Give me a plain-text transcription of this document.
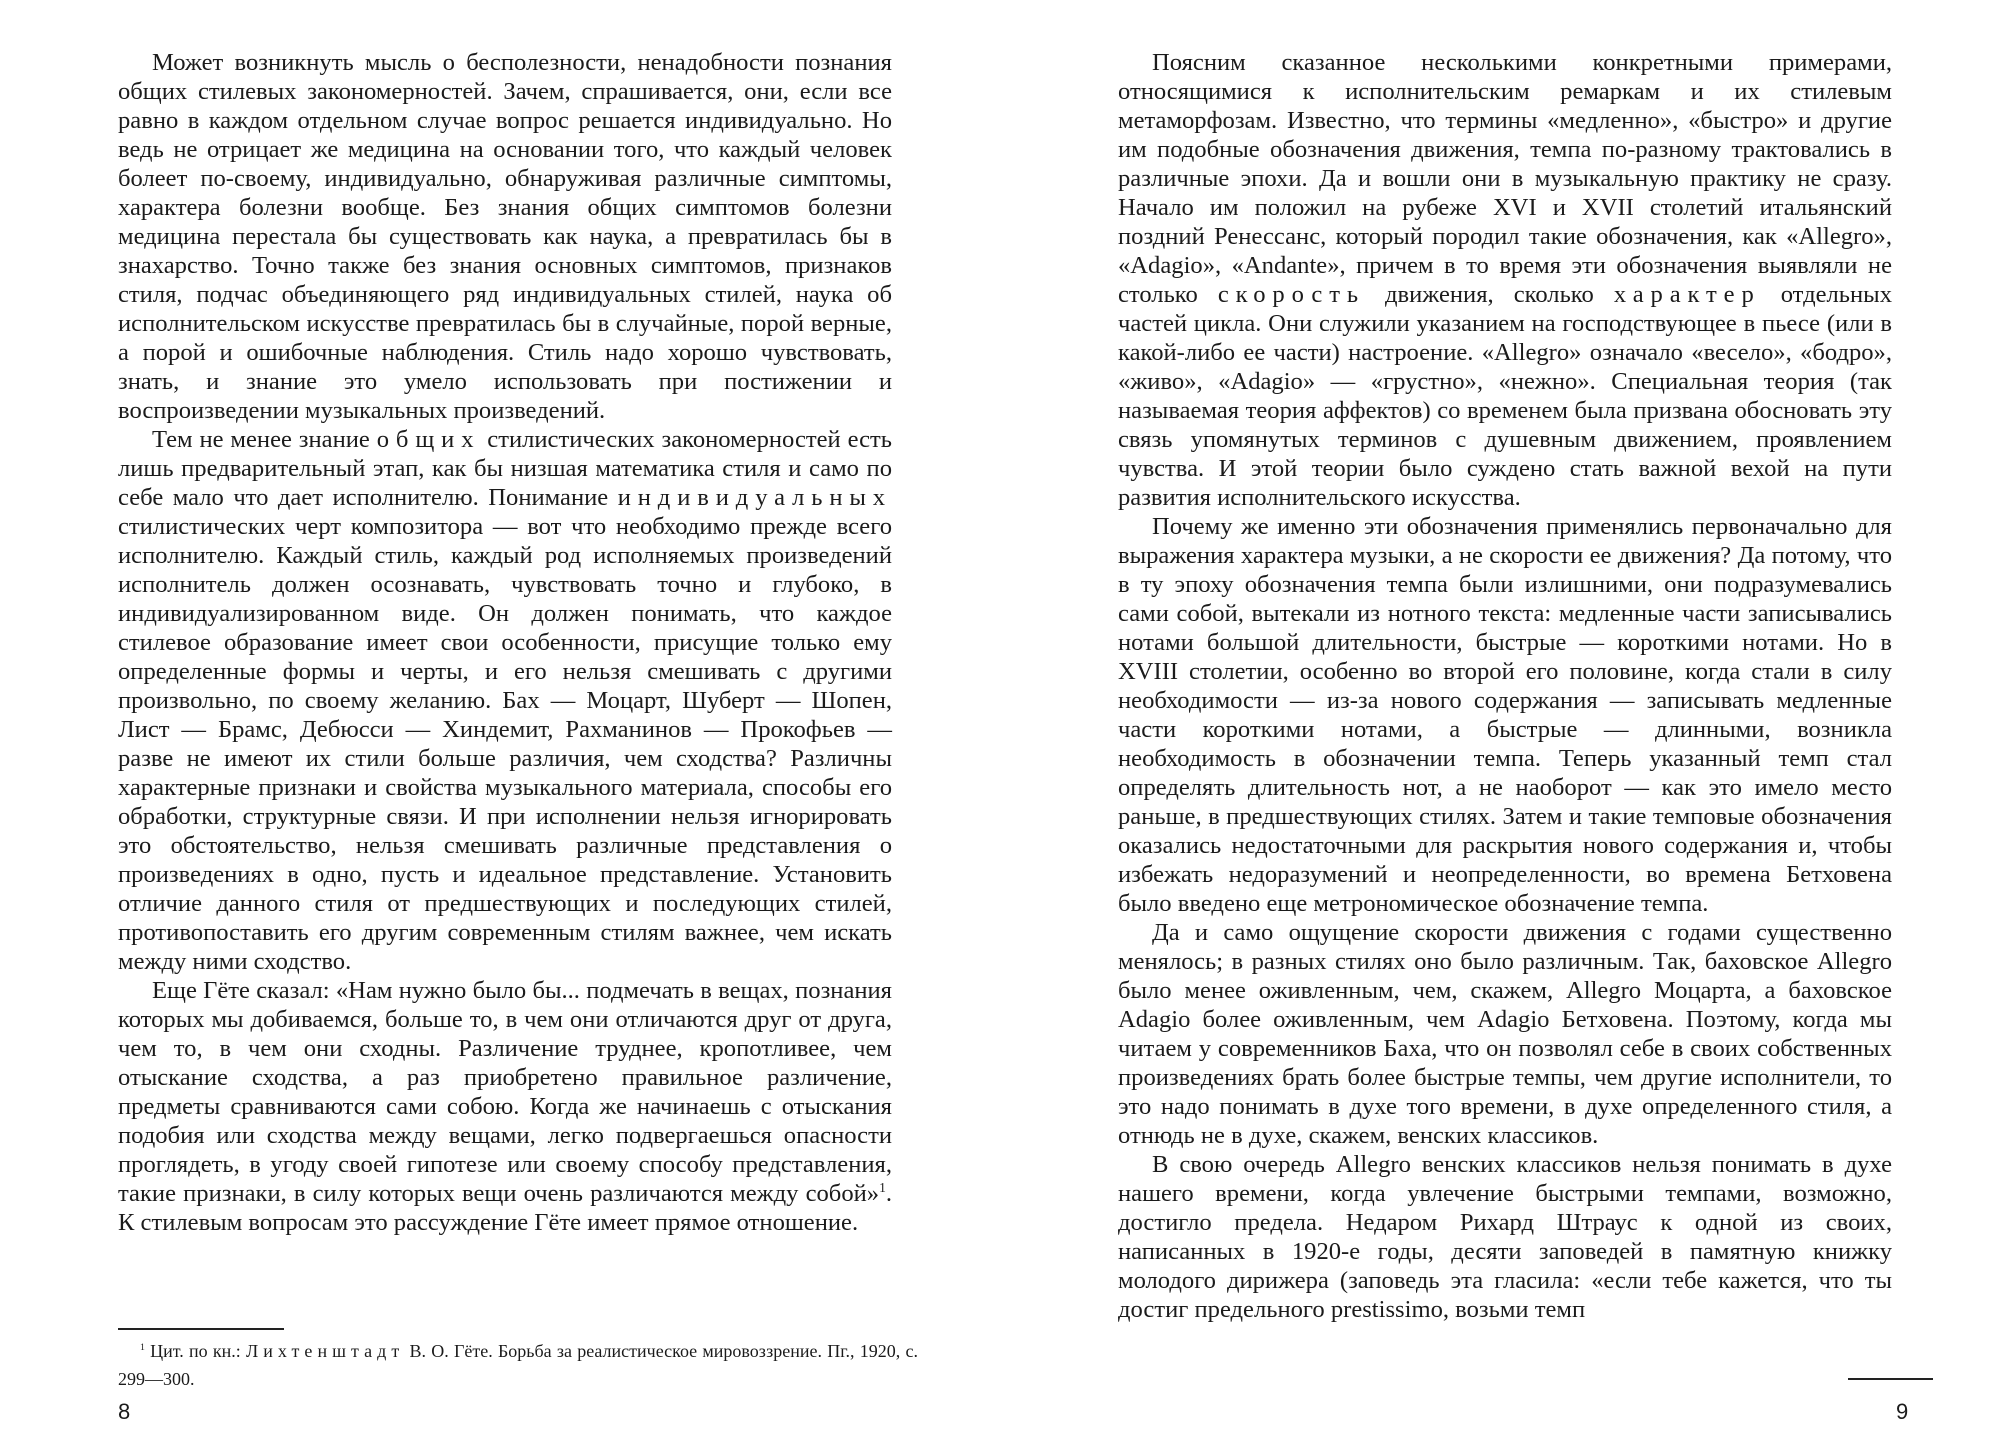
Может возникнуть мысль о бесполезности, ненадобности познания общих стилевых закономерностей. Зачем, спрашивается, они, если все равно в каждом отдельном случае вопрос решается индивидуально. Но ведь не отрицает же медицина на основании того, что каждый человек болеет по-своему, индивидуально, обнаруживая различные симптомы, характера болезни вообще. Без знания общих симптомов болезни медицина перестала бы существовать как наука, а превратилась бы в знахарство. Точно также без знания основных симптомов, признаков стиля, подчас объединяющего ряд индивидуальных стилей, наука об исполнительском искусстве превратилась бы в случайные, порой верные, а порой и ошибочные наблюдения. Стиль надо хорошо чувствовать, знать, и знание это умело использовать при постижении и воспроизведении музыкальных произведений.

Тем не менее знание общих стилистических закономерностей есть лишь предварительный этап, как бы низшая математика стиля и само по себе мало что дает исполнителю. Понимание индивидуальных стилистических черт композитора — вот что необходимо прежде всего исполнителю. Каждый стиль, каждый род исполняемых произведений исполнитель должен осознавать, чувствовать точно и глубоко, в индивидуализированном виде. Он должен понимать, что каждое стилевое образование имеет свои особенности, присущие только ему определенные формы и черты, и его нельзя смешивать с другими произвольно, по своему желанию. Бах — Моцарт, Шуберт — Шопен, Лист — Брамс, Дебюсси — Хиндемит, Рахманинов — Прокофьев — разве не имеют их стили больше различия, чем сходства? Различны характерные признаки и свойства музыкального материала, способы его обработки, структурные связи. И при исполнении нельзя игнорировать это обстоятельство, нельзя смешивать различные представления о произведениях в одно, пусть и идеальное представление. Установить отличие данного стиля от предшествующих и последующих стилей, противопоставить его другим современным стилям важнее, чем искать между ними сходство.

Еще Гёте сказал: «Нам нужно было бы... подмечать в вещах, познания которых мы добиваемся, больше то, в чем они отличаются друг от друга, чем то, в чем они сходны. Различение труднее, кропотливее, чем отыскание сходства, а раз приобретено правильное различение, предметы сравниваются сами собою. Когда же начинаешь с отыскания подобия или сходства между вещами, легко подвергаешься опасности проглядеть, в угоду своей гипотезе или своему способу представления, такие признаки, в силу которых вещи очень различаются между собой»$^1$. К стилевым вопросам это рассуждение Гёте имеет прямое отношение.

$^1$ Цит. по кн.: Лихтенштадт В. О. Гёте. Борьба за реалистическое мировоззрение. Пг., 1920, с. 299—300.
8

Поясним сказанное несколькими конкретными примерами, относящимися к исполнительским ремаркам и их стилевым метаморфозам. Известно, что термины «медленно», «быстро» и другие им подобные обозначения движения, темпа по-разному трактовались в различные эпохи. Да и вошли они в музыкальную практику не сразу. Начало им положил на рубеже XVI и XVII столетий итальянский поздний Ренессанс, который породил такие обозначения, как «Allegro», «Adagio», «Andante», причем в то время эти обозначения выявляли не столько скорость движения, сколько характер отдельных частей цикла. Они служили указанием на господствующее в пьесе (или в какой-либо ее части) настроение. «Allegro» означало «весело», «бодро», «живо», «Adagio» — «грустно», «нежно». Специальная теория (так называемая теория аффектов) со временем была призвана обосновать эту связь упомянутых терминов с душевным движением, проявлением чувства. И этой теории было суждено стать важной вехой на пути развития исполнительского искусства.

Почему же именно эти обозначения применялись первоначально для выражения характера музыки, а не скорости ее движения? Да потому, что в ту эпоху обозначения темпа были излишними, они подразумевались сами собой, вытекали из нотного текста: медленные части записывались нотами большой длительности, быстрые — короткими нотами. Но в XVIII столетии, особенно во второй его половине, когда стали в силу необходимости — из-за нового содержания — записывать медленные части короткими нотами, а быстрые — длинными, возникла необходимость в обозначении темпа. Теперь указанный темп стал определять длительность нот, а не наоборот — как это имело место раньше, в предшествующих стилях. Затем и такие темповые обозначения оказались недостаточными для раскрытия нового содержания и, чтобы избежать недоразумений и неопределенности, во времена Бетховена было введено еще метрономическое обозначение темпа.

Да и само ощущение скорости движения с годами существенно менялось; в разных стилях оно было различным. Так, баховское Allegro было менее оживленным, чем, скажем, Allegro Моцарта, а баховское Adagio более оживленным, чем Adagio Бетховена. Поэтому, когда мы читаем у современников Баха, что он позволял себе в своих собственных произведениях брать более быстрые темпы, чем другие исполнители, то это надо понимать в духе того времени, в духе определенного стиля, а отнюдь не в духе, скажем, венских классиков.

В свою очередь Allegro венских классиков нельзя понимать в духе нашего времени, когда увлечение быстрыми темпами, возможно, достигло предела. Недаром Рихард Штраус к одной из своих, написанных в 1920-е годы, десяти заповедей в памятную книжку молодого дирижера (заповедь эта гласила: «если тебе кажется, что ты достиг предельного prestissimo, возьми темп

9
